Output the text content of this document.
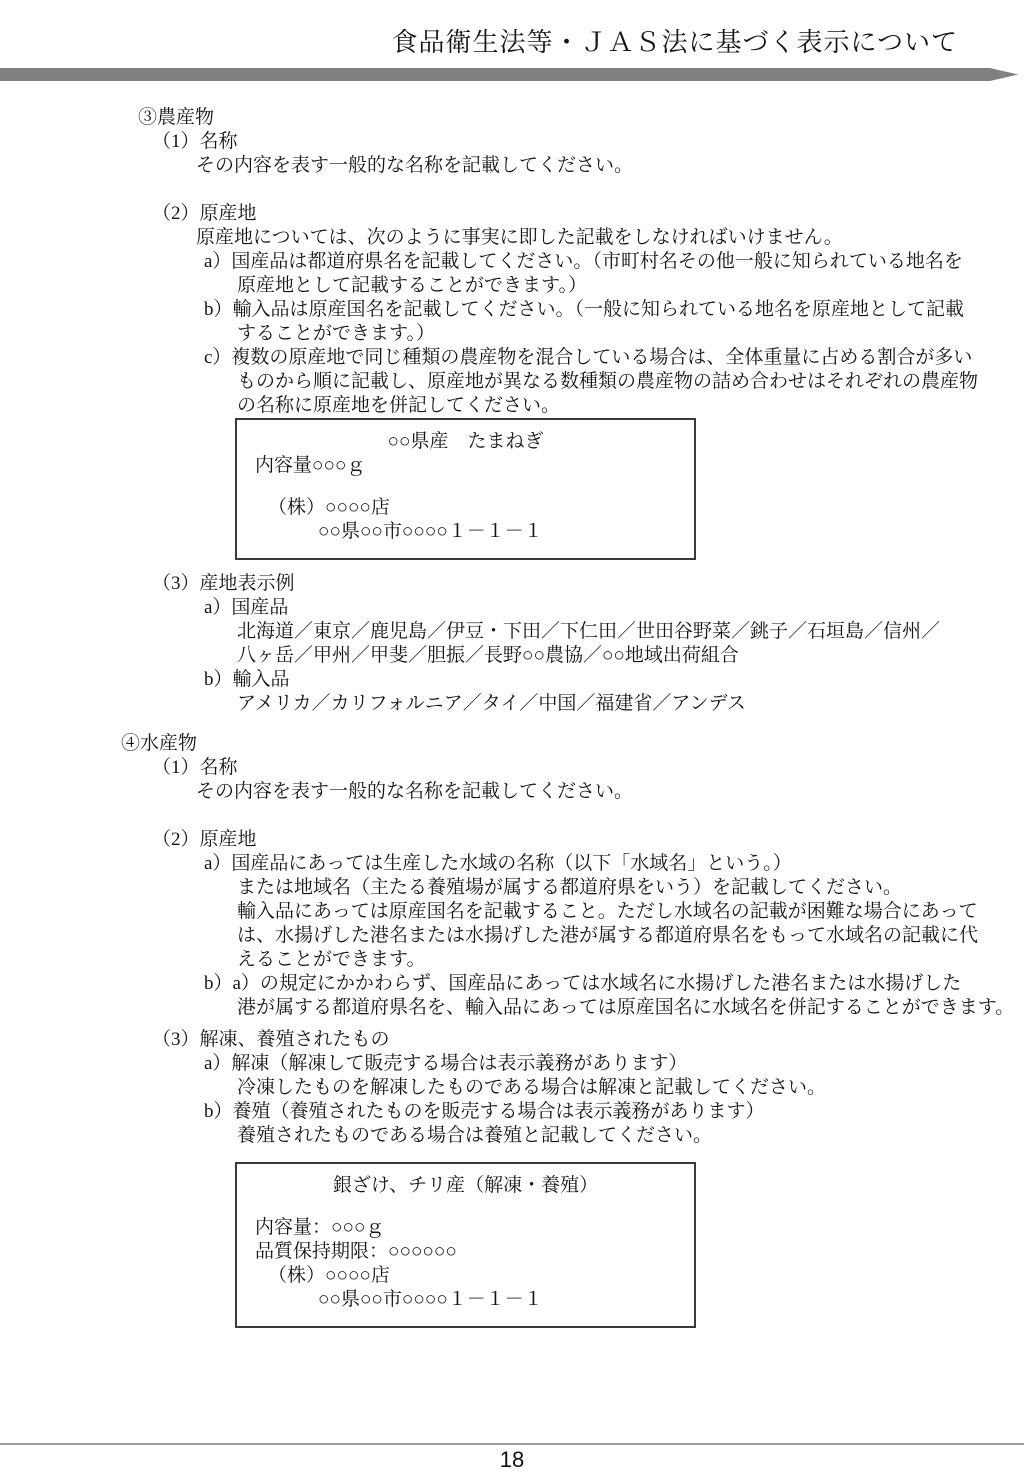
食品衛生法等・ＪＡＳ法に基づく表示について
③農産物
（1）名称
その内容を表す一般的な名称を記載してください。
（2）原産地
原産地については、次のように事実に即した記載をしなければいけません。
a）国産品は都道府県名を記載してください。（市町村名その他一般に知られている地名を
原産地として記載することができます。）
b）輸入品は原産国名を記載してください。（一般に知られている地名を原産地として記載
することができます。）
c）複数の原産地で同じ種類の農産物を混合している場合は、全体重量に占める割合が多い
ものから順に記載し、原産地が異なる数種類の農産物の詰め合わせはそれぞれの農産物
の名称に原産地を併記してください。
○○県産　たまねぎ
内容量○○○ｇ
（株）○○○○店
○○県○○市○○○○１－１－１
（3）産地表示例
a）国産品
北海道／東京／鹿児島／伊豆・下田／下仁田／世田谷野菜／銚子／石垣島／信州／
八ヶ岳／甲州／甲斐／胆振／長野○○農協／○○地域出荷組合
b）輸入品
アメリカ／カリフォルニア／タイ／中国／福建省／アンデス
④水産物
（1）名称
その内容を表す一般的な名称を記載してください。
（2）原産地
a）国産品にあっては生産した水域の名称（以下「水域名」という。）
または地域名（主たる養殖場が属する都道府県をいう）を記載してください。
輸入品にあっては原産国名を記載すること。ただし水域名の記載が困難な場合にあって
は、水揚げした港名または水揚げした港が属する都道府県名をもって水域名の記載に代
えることができます。
b）a）の規定にかかわらず、国産品にあっては水域名に水揚げした港名または水揚げした
港が属する都道府県名を、輸入品にあっては原産国名に水域名を併記することができます。
（3）解凍、養殖されたもの
a）解凍（解凍して販売する場合は表示義務があります）
冷凍したものを解凍したものである場合は解凍と記載してください。
b）養殖（養殖されたものを販売する場合は表示義務があります）
養殖されたものである場合は養殖と記載してください。
銀ざけ、チリ産（解凍・養殖）
内容量：○○○ｇ
品質保持期限：○○○○○○
（株）○○○○店
○○県○○市○○○○１－１－１
18
